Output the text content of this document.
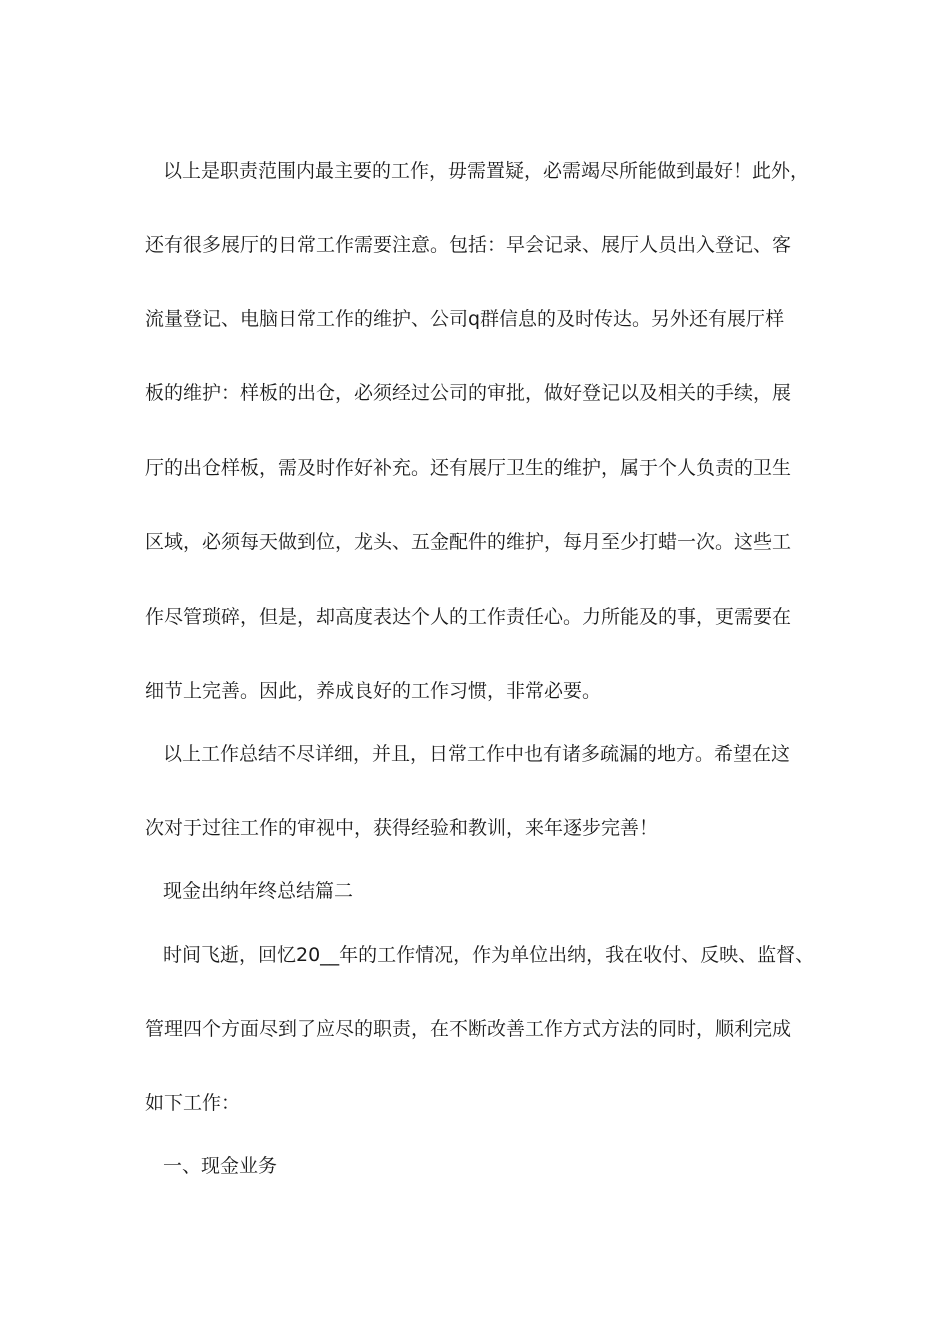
以上是职责范围内最主要的工作，毋需置疑，必需竭尽所能做到最好！此外，

还有很多展厅的日常工作需要注意。包括：早会记录、展厅人员出入登记、客

流量登记、电脑日常工作的维护、公司q群信息的及时传达。另外还有展厅样

板的维护：样板的出仓，必须经过公司的审批，做好登记以及相关的手续，展

厅的出仓样板，需及时作好补充。还有展厅卫生的维护，属于个人负责的卫生

区域，必须每天做到位，龙头、五金配件的维护，每月至少打蜡一次。这些工

作尽管琐碎，但是，却高度表达个人的工作责任心。力所能及的事，更需要在

细节上完善。因此，养成良好的工作习惯，非常必要。

以上工作总结不尽详细，并且，日常工作中也有诸多疏漏的地方。希望在这

次对于过往工作的审视中，获得经验和教训，来年逐步完善！

现金出纳年终总结篇二

时间飞逝，回忆20__年的工作情况，作为单位出纳，我在收付、反映、监督、

管理四个方面尽到了应尽的职责，在不断改善工作方式方法的同时，顺利完成

如下工作：

一、现金业务
